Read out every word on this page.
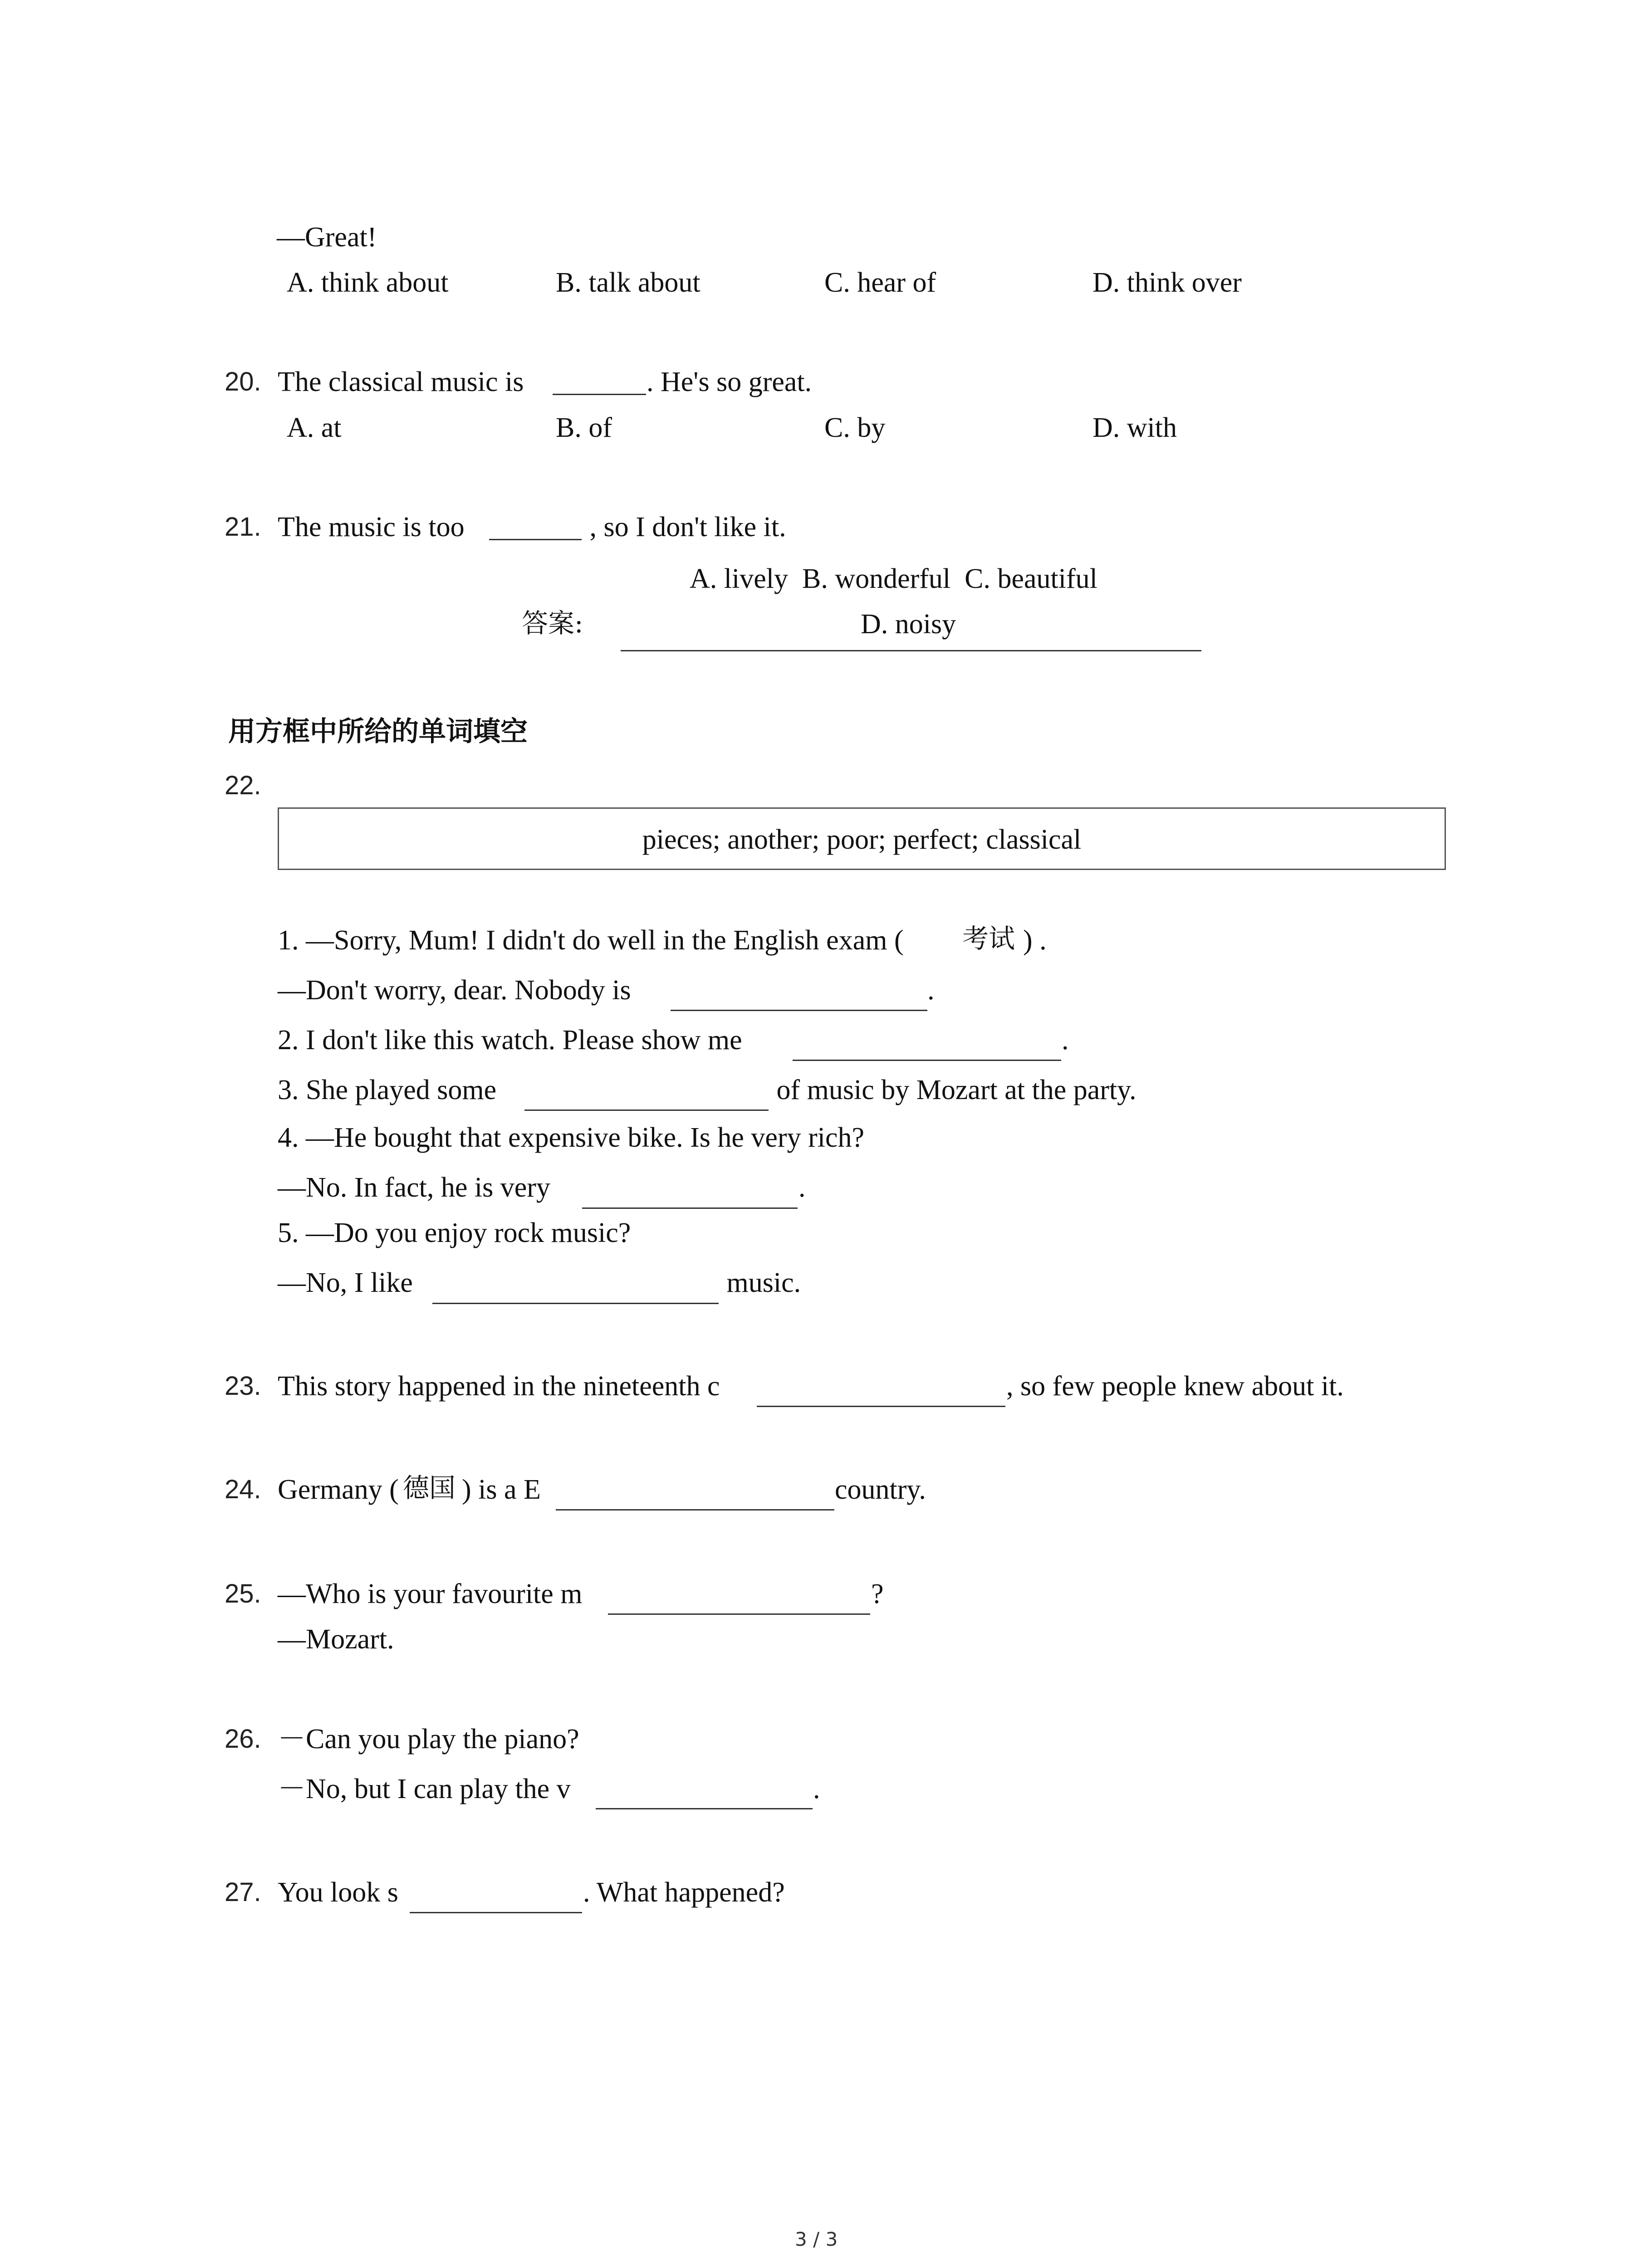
—Great!
A. think about	B. talk about	C. hear of	D. think over
20. The classical music is	. He's so great.
A. at	B. of	C. by	D. with
21. The music is too	, so I don't like it.
A. lively  B. wonderful  C. beautiful
答案:	D. noisy
用方框中所给的单词填空
22.
pieces; another; poor; perfect; classical
1. —Sorry, Mum! I didn't do well in the English exam ( 考试 ) .
—Don't worry, dear. Nobody is	.
2. I don't like this watch. Please show me	.
3. She played some	of music by Mozart at the party.
4. —He bought that expensive bike. Is he very rich?
—No. In fact, he is very	.
5. —Do you enjoy rock music?
—No, I like	music.
23. This story happened in the nineteenth c	, so few people knew about it.
24. Germany ( 德国 ) is a E	country.
25. —Who is your favourite m	?
—Mozart.
26. －Can you play the piano?
－No, but I can play the v	.
27. You look s	. What happened?
3 / 3
